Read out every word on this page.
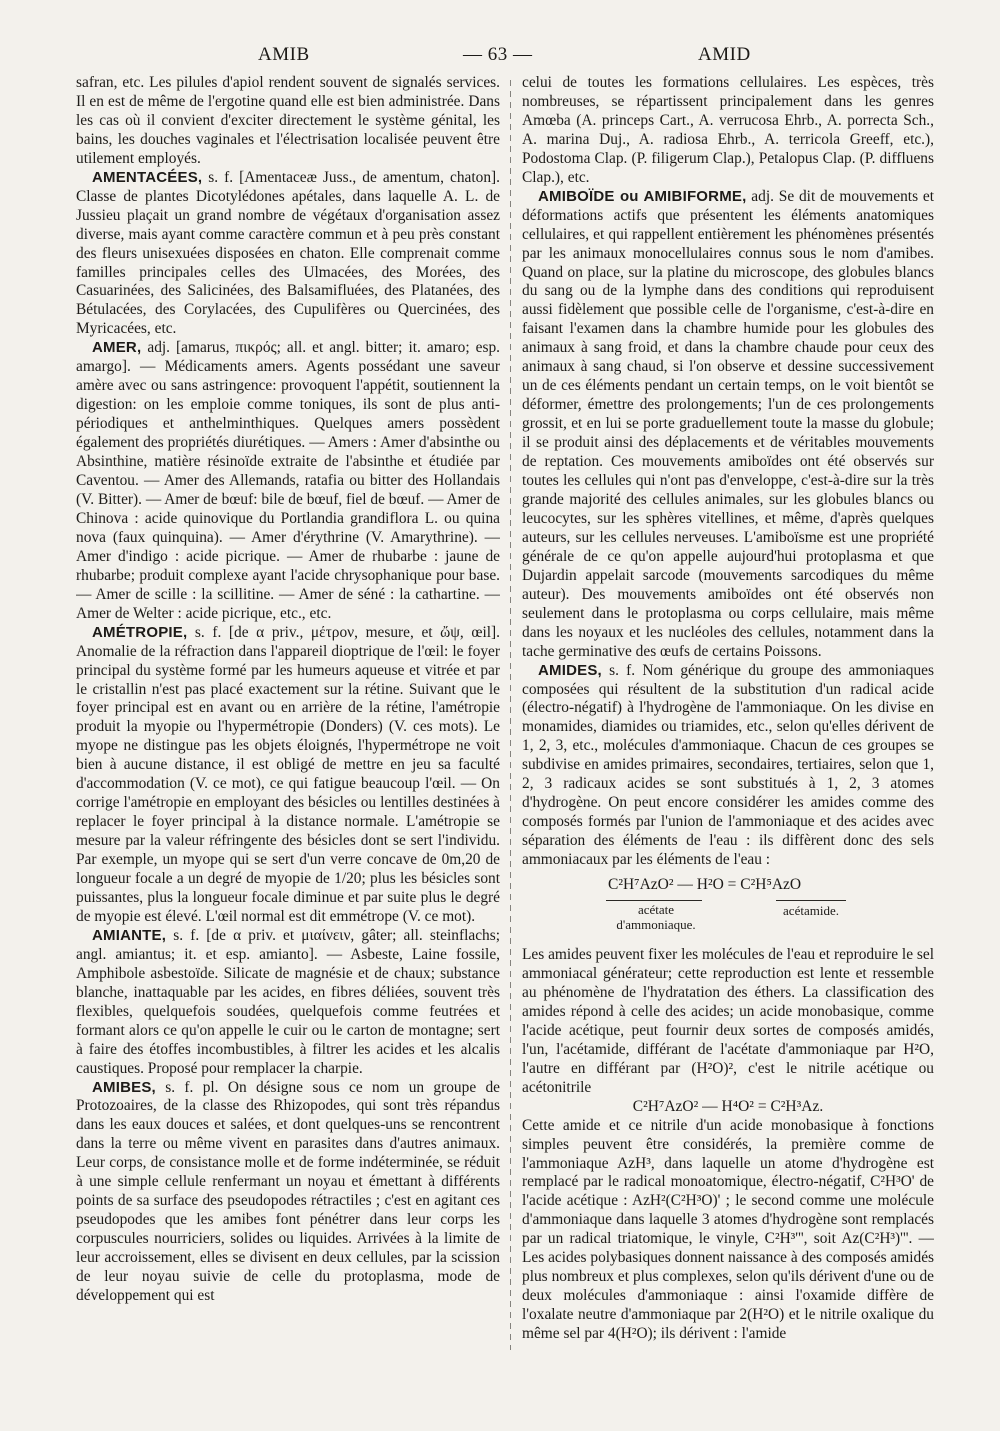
AMIB	— 63 —	AMID

safran, etc. Les pilules d'apiol rendent souvent de signalés services. Il en est de même de l'ergotine quand elle est bien administrée. Dans les cas où il convient d'exciter directement le système génital, les bains, les douches vaginales et l'électrisation localisée peuvent être utilement employés.

AMENTACÉES, s. f. [Amentaceæ Juss., de amentum, chaton]. Classe de plantes Dicotylédones apétales, dans laquelle A. L. de Jussieu plaçait un grand nombre de végétaux d'organisation assez diverse, mais ayant comme caractère commun et à peu près constant des fleurs unisexuées disposées en chaton. Elle comprenait comme familles principales celles des Ulmacées, des Morées, des Casuarinées, des Salicinées, des Balsamifluées, des Platanées, des Bétulacées, des Corylacées, des Cupulifères ou Quercinées, des Myricacées, etc.

AMER, adj. [amarus, πικρός; all. et angl. bitter; it. amaro; esp. amargo]. — Médicaments amers. Agents possédant une saveur amère avec ou sans astringence: provoquent l'appétit, soutiennent la digestion: on les emploie comme toniques, ils sont de plus anti-périodiques et anthelminthiques. Quelques amers possèdent également des propriétés diurétiques. — Amers : Amer d'absinthe ou Absinthine, matière résinoïde extraite de l'absinthe et étudiée par Caventou. — Amer des Allemands, ratafia ou bitter des Hollandais (V. Bitter). — Amer de bœuf: bile de bœuf, fiel de bœuf. — Amer de Chinova : acide quinovique du Portlandia grandiflora L. ou quina nova (faux quinquina). — Amer d'érythrine (V. Amarythrine). — Amer d'indigo : acide picrique. — Amer de rhubarbe : jaune de rhubarbe; produit complexe ayant l'acide chrysophanique pour base. — Amer de scille : la scillitine. — Amer de séné : la cathartine. — Amer de Welter : acide picrique, etc., etc.

AMÉTROPIE, s. f. [de α priv., μέτρον, mesure, et ὤψ, œil]. Anomalie de la réfraction dans l'appareil dioptrique de l'œil: le foyer principal du système formé par les humeurs aqueuse et vitrée et par le cristallin n'est pas placé exactement sur la rétine. Suivant que le foyer principal est en avant ou en arrière de la rétine, l'amétropie produit la myopie ou l'hypermétropie (Donders) (V. ces mots). Le myope ne distingue pas les objets éloignés, l'hypermétrope ne voit bien à aucune distance, il est obligé de mettre en jeu sa faculté d'accommodation (V. ce mot), ce qui fatigue beaucoup l'œil. — On corrige l'amétropie en employant des bésicles ou lentilles destinées à replacer le foyer principal à la distance normale. L'amétropie se mesure par la valeur réfringente des bésicles dont se sert l'individu. Par exemple, un myope qui se sert d'un verre concave de 0m,20 de longueur focale a un degré de myopie de 1/20; plus les bésicles sont puissantes, plus la longueur focale diminue et par suite plus le degré de myopie est élevé. L'œil normal est dit emmétrope (V. ce mot).

AMIANTE, s. f. [de α priv. et μιαίνειν, gâter; all. steinflachs; angl. amiantus; it. et esp. amianto]. — Asbeste, Laine fossile, Amphibole asbestoïde. Silicate de magnésie et de chaux; substance blanche, inattaquable par les acides, en fibres déliées, souvent très flexibles, quelquefois soudées, quelquefois comme feutrées et formant alors ce qu'on appelle le cuir ou le carton de montagne; sert à faire des étoffes incombustibles, à filtrer les acides et les alcalis caustiques. Proposé pour remplacer la charpie.

AMIBES, s. f. pl. On désigne sous ce nom un groupe de Protozoaires, de la classe des Rhizopodes, qui sont très répandus dans les eaux douces et salées, et dont quelques-uns se rencontrent dans la terre ou même vivent en parasites dans d'autres animaux. Leur corps, de consistance molle et de forme indéterminée, se réduit à une simple cellule renfermant un noyau et émettant à différents points de sa surface des pseudopodes rétractiles ; c'est en agitant ces pseudopodes que les amibes font pénétrer dans leur corps les corpuscules nourriciers, solides ou liquides. Arrivées à la limite de leur accroissement, elles se divisent en deux cellules, par la scission de leur noyau suivie de celle du protoplasma, mode de développement qui est

celui de toutes les formations cellulaires. Les espèces, très nombreuses, se répartissent principalement dans les genres Amœba (A. princeps Cart., A. verrucosa Ehrb., A. porrecta Sch., A. marina Duj., A. radiosa Ehrb., A. terricola Greeff, etc.), Podostoma Clap. (P. filigerum Clap.), Petalopus Clap. (P. diffluens Clap.), etc.

AMIBOÏDE ou AMIBIFORME, adj. Se dit de mouvements et déformations actifs que présentent les éléments anatomiques cellulaires, et qui rappellent entièrement les phénomènes présentés par les animaux monocellulaires connus sous le nom d'amibes. Quand on place, sur la platine du microscope, des globules blancs du sang ou de la lymphe dans des conditions qui reproduisent aussi fidèlement que possible celle de l'organisme, c'est-à-dire en faisant l'examen dans la chambre humide pour les globules des animaux à sang froid, et dans la chambre chaude pour ceux des animaux à sang chaud, si l'on observe et dessine successivement un de ces éléments pendant un certain temps, on le voit bientôt se déformer, émettre des prolongements; l'un de ces prolongements grossit, et en lui se porte graduellement toute la masse du globule; il se produit ainsi des déplacements et de véritables mouvements de reptation. Ces mouvements amiboïdes ont été observés sur toutes les cellules qui n'ont pas d'enveloppe, c'est-à-dire sur la très grande majorité des cellules animales, sur les globules blancs ou leucocytes, sur les sphères vitellines, et même, d'après quelques auteurs, sur les cellules nerveuses. L'amiboïsme est une propriété générale de ce qu'on appelle aujourd'hui protoplasma et que Dujardin appelait sarcode (mouvements sarcodiques du même auteur). Des mouvements amiboïdes ont été observés non seulement dans le protoplasma ou corps cellulaire, mais même dans les noyaux et les nucléoles des cellules, notamment dans la tache germinative des œufs de certains Poissons.

AMIDES, s. f. Nom générique du groupe des ammoniaques composées qui résultent de la substitution d'un radical acide (électro-négatif) à l'hydrogène de l'ammoniaque. On les divise en monamides, diamides ou triamides, etc., selon qu'elles dérivent de 1, 2, 3, etc., molécules d'ammoniaque. Chacun de ces groupes se subdivise en amides primaires, secondaires, tertiaires, selon que 1, 2, 3 radicaux acides se sont substitués à 1, 2, 3 atomes d'hydrogène. On peut encore considérer les amides comme des composés formés par l'union de l'ammoniaque et des acides avec séparation des éléments de l'eau : ils diffèrent donc des sels ammoniacaux par les éléments de l'eau :

C²H⁷AzO² — H²O = C²H⁵AzO
acétate d'ammoniaque.
acétamide.

Les amides peuvent fixer les molécules de l'eau et reproduire le sel ammoniacal générateur; cette reproduction est lente et ressemble au phénomène de l'hydratation des éthers. La classification des amides répond à celle des acides; un acide monobasique, comme l'acide acétique, peut fournir deux sortes de composés amidés, l'un, l'acétamide, différant de l'acétate d'ammoniaque par H²O, l'autre en différant par (H²O)², c'est le nitrile acétique ou acétonitrile

C²H⁷AzO² — H⁴O² = C²H³Az.

Cette amide et ce nitrile d'un acide monobasique à fonctions simples peuvent être considérés, la première comme de l'ammoniaque AzH³, dans laquelle un atome d'hydrogène est remplacé par le radical monoatomique, électro-négatif, C²H³O' de l'acide acétique : AzH²(C²H³O)' ; le second comme une molécule d'ammoniaque dans laquelle 3 atomes d'hydrogène sont remplacés par un radical triatomique, le vinyle, C²H³''', soit Az(C²H³)'''. — Les acides polybasiques donnent naissance à des composés amidés plus nombreux et plus complexes, selon qu'ils dérivent d'une ou de deux molécules d'ammoniaque : ainsi l'oxamide diffère de l'oxalate neutre d'ammoniaque par 2(H²O) et le nitrile oxalique du même sel par 4(H²O); ils dérivent : l'amide
